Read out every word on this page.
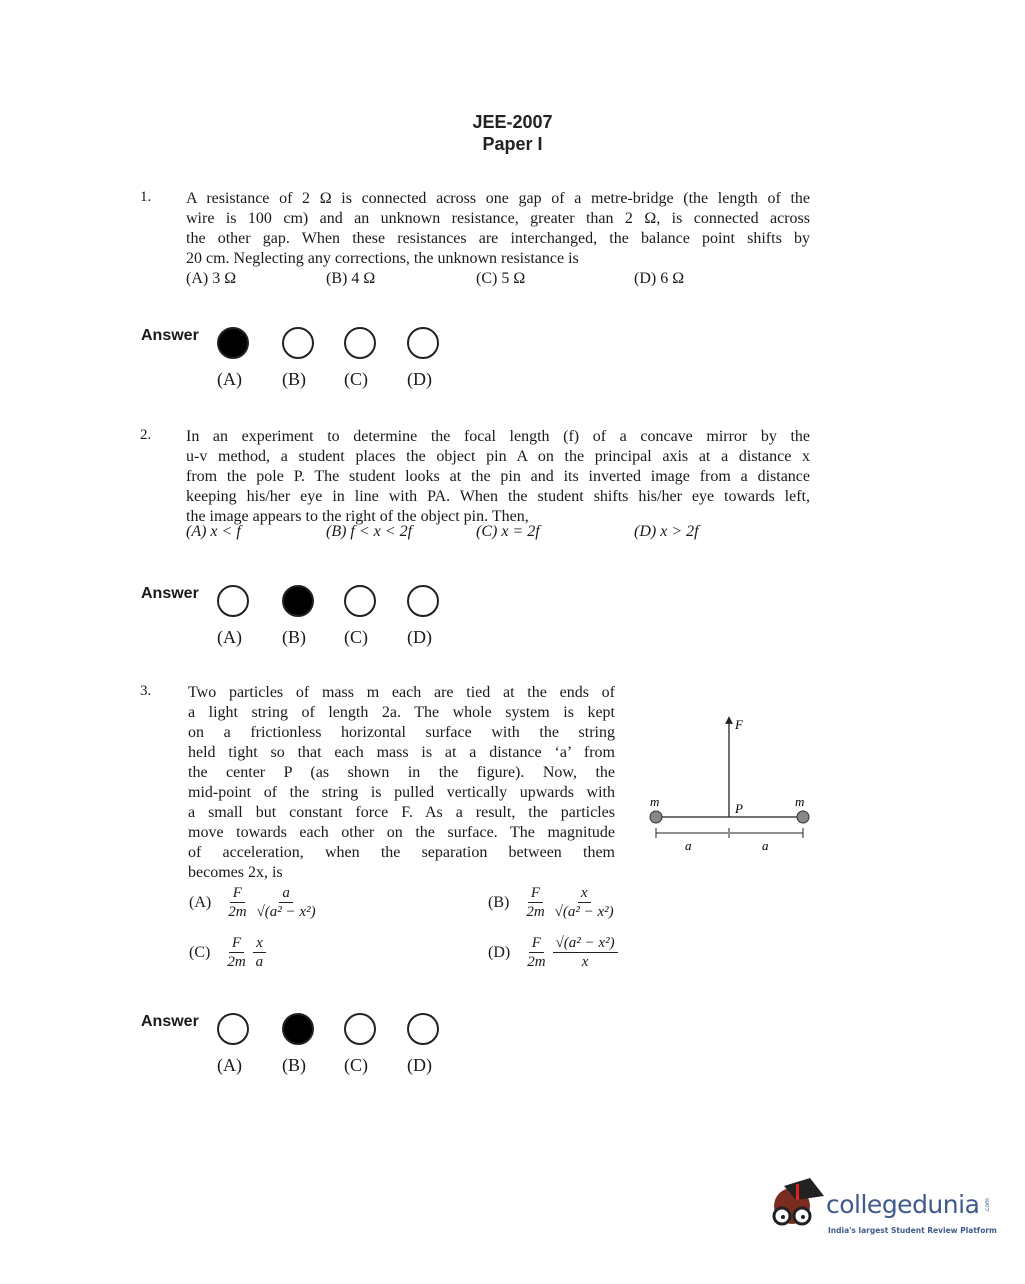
JEE-2007
Paper I
1. A resistance of 2 Ω is connected across one gap of a metre-bridge (the length of the
wire is 100 cm) and an unknown resistance, greater than 2 Ω, is connected across
the other gap. When these resistances are interchanged, the balance point shifts by
20 cm. Neglecting any corrections, the unknown resistance is
(A) 3 Ω	(B) 4 Ω	(C) 5 Ω	(D) 6 Ω
Answer
(A) (B) (C) (D)
2. In an experiment to determine the focal length (f) of a concave mirror by the
u-v method, a student places the object pin A on the principal axis at a distance x
from the pole P. The student looks at the pin and its inverted image from a distance
keeping his/her eye in line with PA. When the student shifts his/her eye towards left,
the image appears to the right of the object pin. Then,
(A) x < f	(B) f < x < 2f	(C) x = 2f	(D) x > 2f
Answer
(A) (B) (C) (D)
3. Two particles of mass m each are tied at the ends of
a light string of length 2a. The whole system is kept
on a frictionless horizontal surface with the string
held tight so that each mass is at a distance ‘a’ from
the center P (as shown in the figure). Now, the
mid-point of the string is pulled vertically upwards with
a small but constant force F. As a result, the particles
move towards each other on the surface. The magnitude
of acceleration, when the separation between them
becomes 2x, is
F
m	m
P
a	a
$(A) \frac{F}{2m} \frac{a}{\text{√(a² − x²)}}$	$(B) \frac{F}{2m} \frac{x}{\text{√(a² − x²)}}$
$(C) \frac{F}{2m} \frac{x}{a}$	$(D) \frac{F}{2m} \frac{\text{√(a² − x²)}}{x}$
Answer
(A) (B) (C) (D)
collegedunia .com
India's largest Student Review Platform
